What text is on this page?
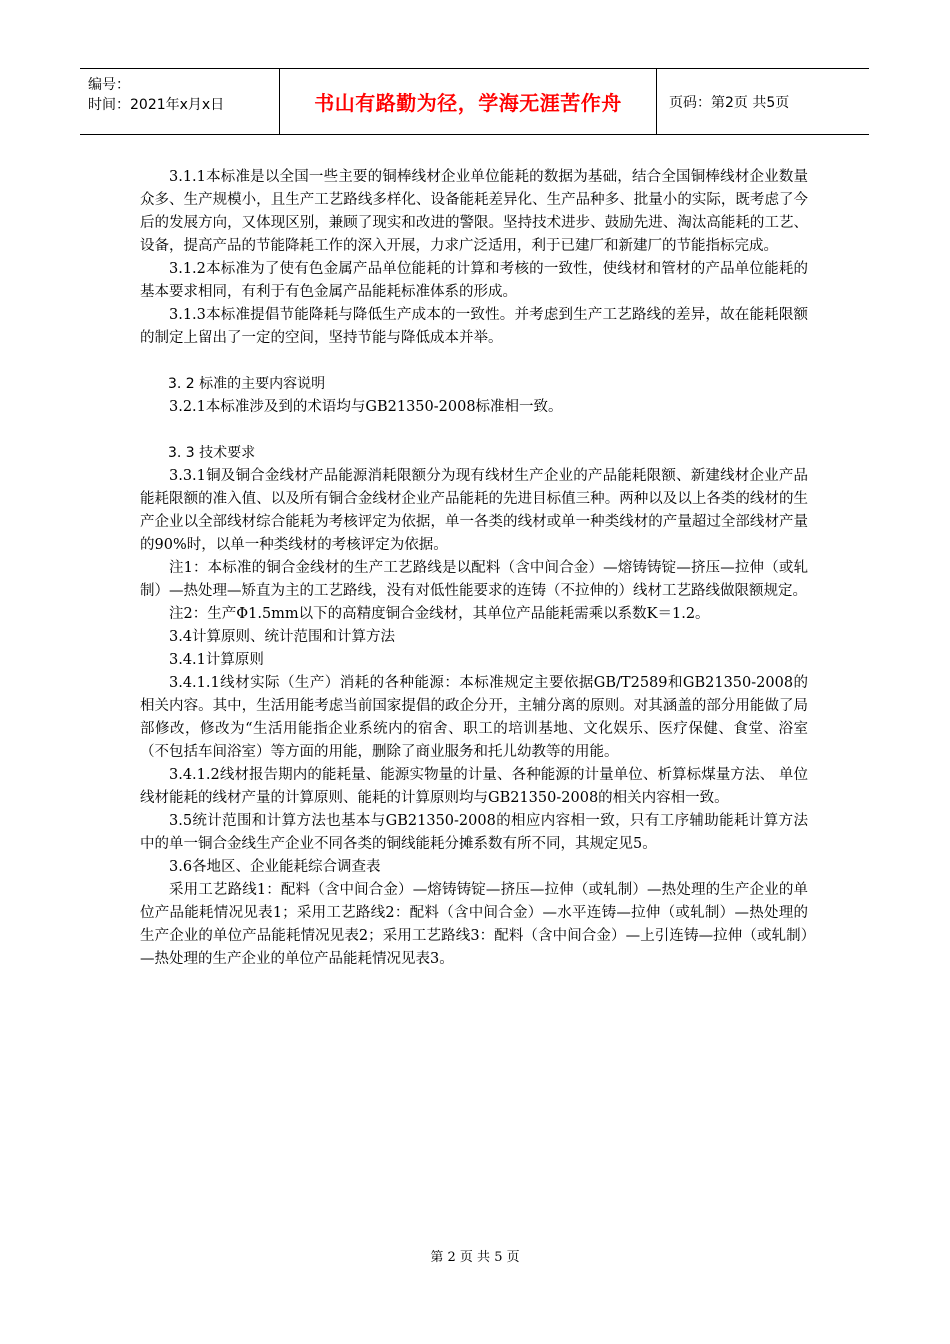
编号：
时间：2021年x月x日	书山有路勤为径，学海无涯苦作舟	页码：第2页 共5页

3.1.1本标准是以全国一些主要的铜棒线材企业单位能耗的数据为基础，结合全国铜棒线材企业数量众多、生产规模小，且生产工艺路线多样化、设备能耗差异化、生产品种多、批量小的实际，既考虑了今后的发展方向，又体现区别，兼顾了现实和改进的警限。坚持技术进步、鼓励先进、淘汰高能耗的工艺、设备，提高产品的节能降耗工作的深入开展，力求广泛适用，利于已建厂和新建厂的节能指标完成。

3.1.2本标准为了使有色金属产品单位能耗的计算和考核的一致性，使线材和管材的产品单位能耗的基本要求相同，有利于有色金属产品能耗标准体系的形成。

3.1.3本标准提倡节能降耗与降低生产成本的一致性。并考虑到生产工艺路线的差异，故在能耗限额的制定上留出了一定的空间，坚持节能与降低成本并举。

3. 2 标准的主要内容说明

3.2.1本标准涉及到的术语均与GB21350-2008标准相一致。

3. 3 技术要求

3.3.1铜及铜合金线材产品能源消耗限额分为现有线材生产企业的产品能耗限额、新建线材企业产品能耗限额的准入值、以及所有铜合金线材企业产品能耗的先进目标值三种。两种以及以上各类的线材的生产企业以全部线材综合能耗为考核评定为依据，单一各类的线材或单一种类线材的产量超过全部线材产量的90%时，以单一种类线材的考核评定为依据。

注1：本标准的铜合金线材的生产工艺路线是以配料（含中间合金）—熔铸铸锭—挤压—拉伸（或轧制）—热处理—矫直为主的工艺路线，没有对低性能要求的连铸（不拉伸的）线材工艺路线做限额规定。

注2：生产Φ1.5mm以下的高精度铜合金线材，其单位产品能耗需乘以系数K＝1.2。

3.4计算原则、统计范围和计算方法

3.4.1计算原则

3.4.1.1线材实际（生产）消耗的各种能源：本标准规定主要依据GB/T2589和GB21350-2008的相关内容。其中，生活用能考虑当前国家提倡的政企分开，主辅分离的原则。对其涵盖的部分用能做了局部修改，修改为“生活用能指企业系统内的宿舍、职工的培训基地、文化娱乐、医疗保健、食堂、浴室（不包括车间浴室）等方面的用能，删除了商业服务和托儿幼教等的用能。

3.4.1.2线材报告期内的能耗量、能源实物量的计量、各种能源的计量单位、析算标煤量方法、 单位线材能耗的线材产量的计算原则、能耗的计算原则均与GB21350-2008的相关内容相一致。

3.5统计范围和计算方法也基本与GB21350-2008的相应内容相一致，只有工序辅助能耗计算方法中的单一铜合金线生产企业不同各类的铜线能耗分摊系数有所不同，其规定见5。

3.6各地区、企业能耗综合调查表

采用工艺路线1：配料（含中间合金）—熔铸铸锭—挤压—拉伸（或轧制）—热处理的生产企业的单位产品能耗情况见表1；采用工艺路线2：配料（含中间合金）—水平连铸—拉伸（或轧制）—热处理的生产企业的单位产品能耗情况见表2；采用工艺路线3：配料（含中间合金）—上引连铸—拉伸（或轧制）—热处理的生产企业的单位产品能耗情况见表3。

第 2 页 共 5 页
